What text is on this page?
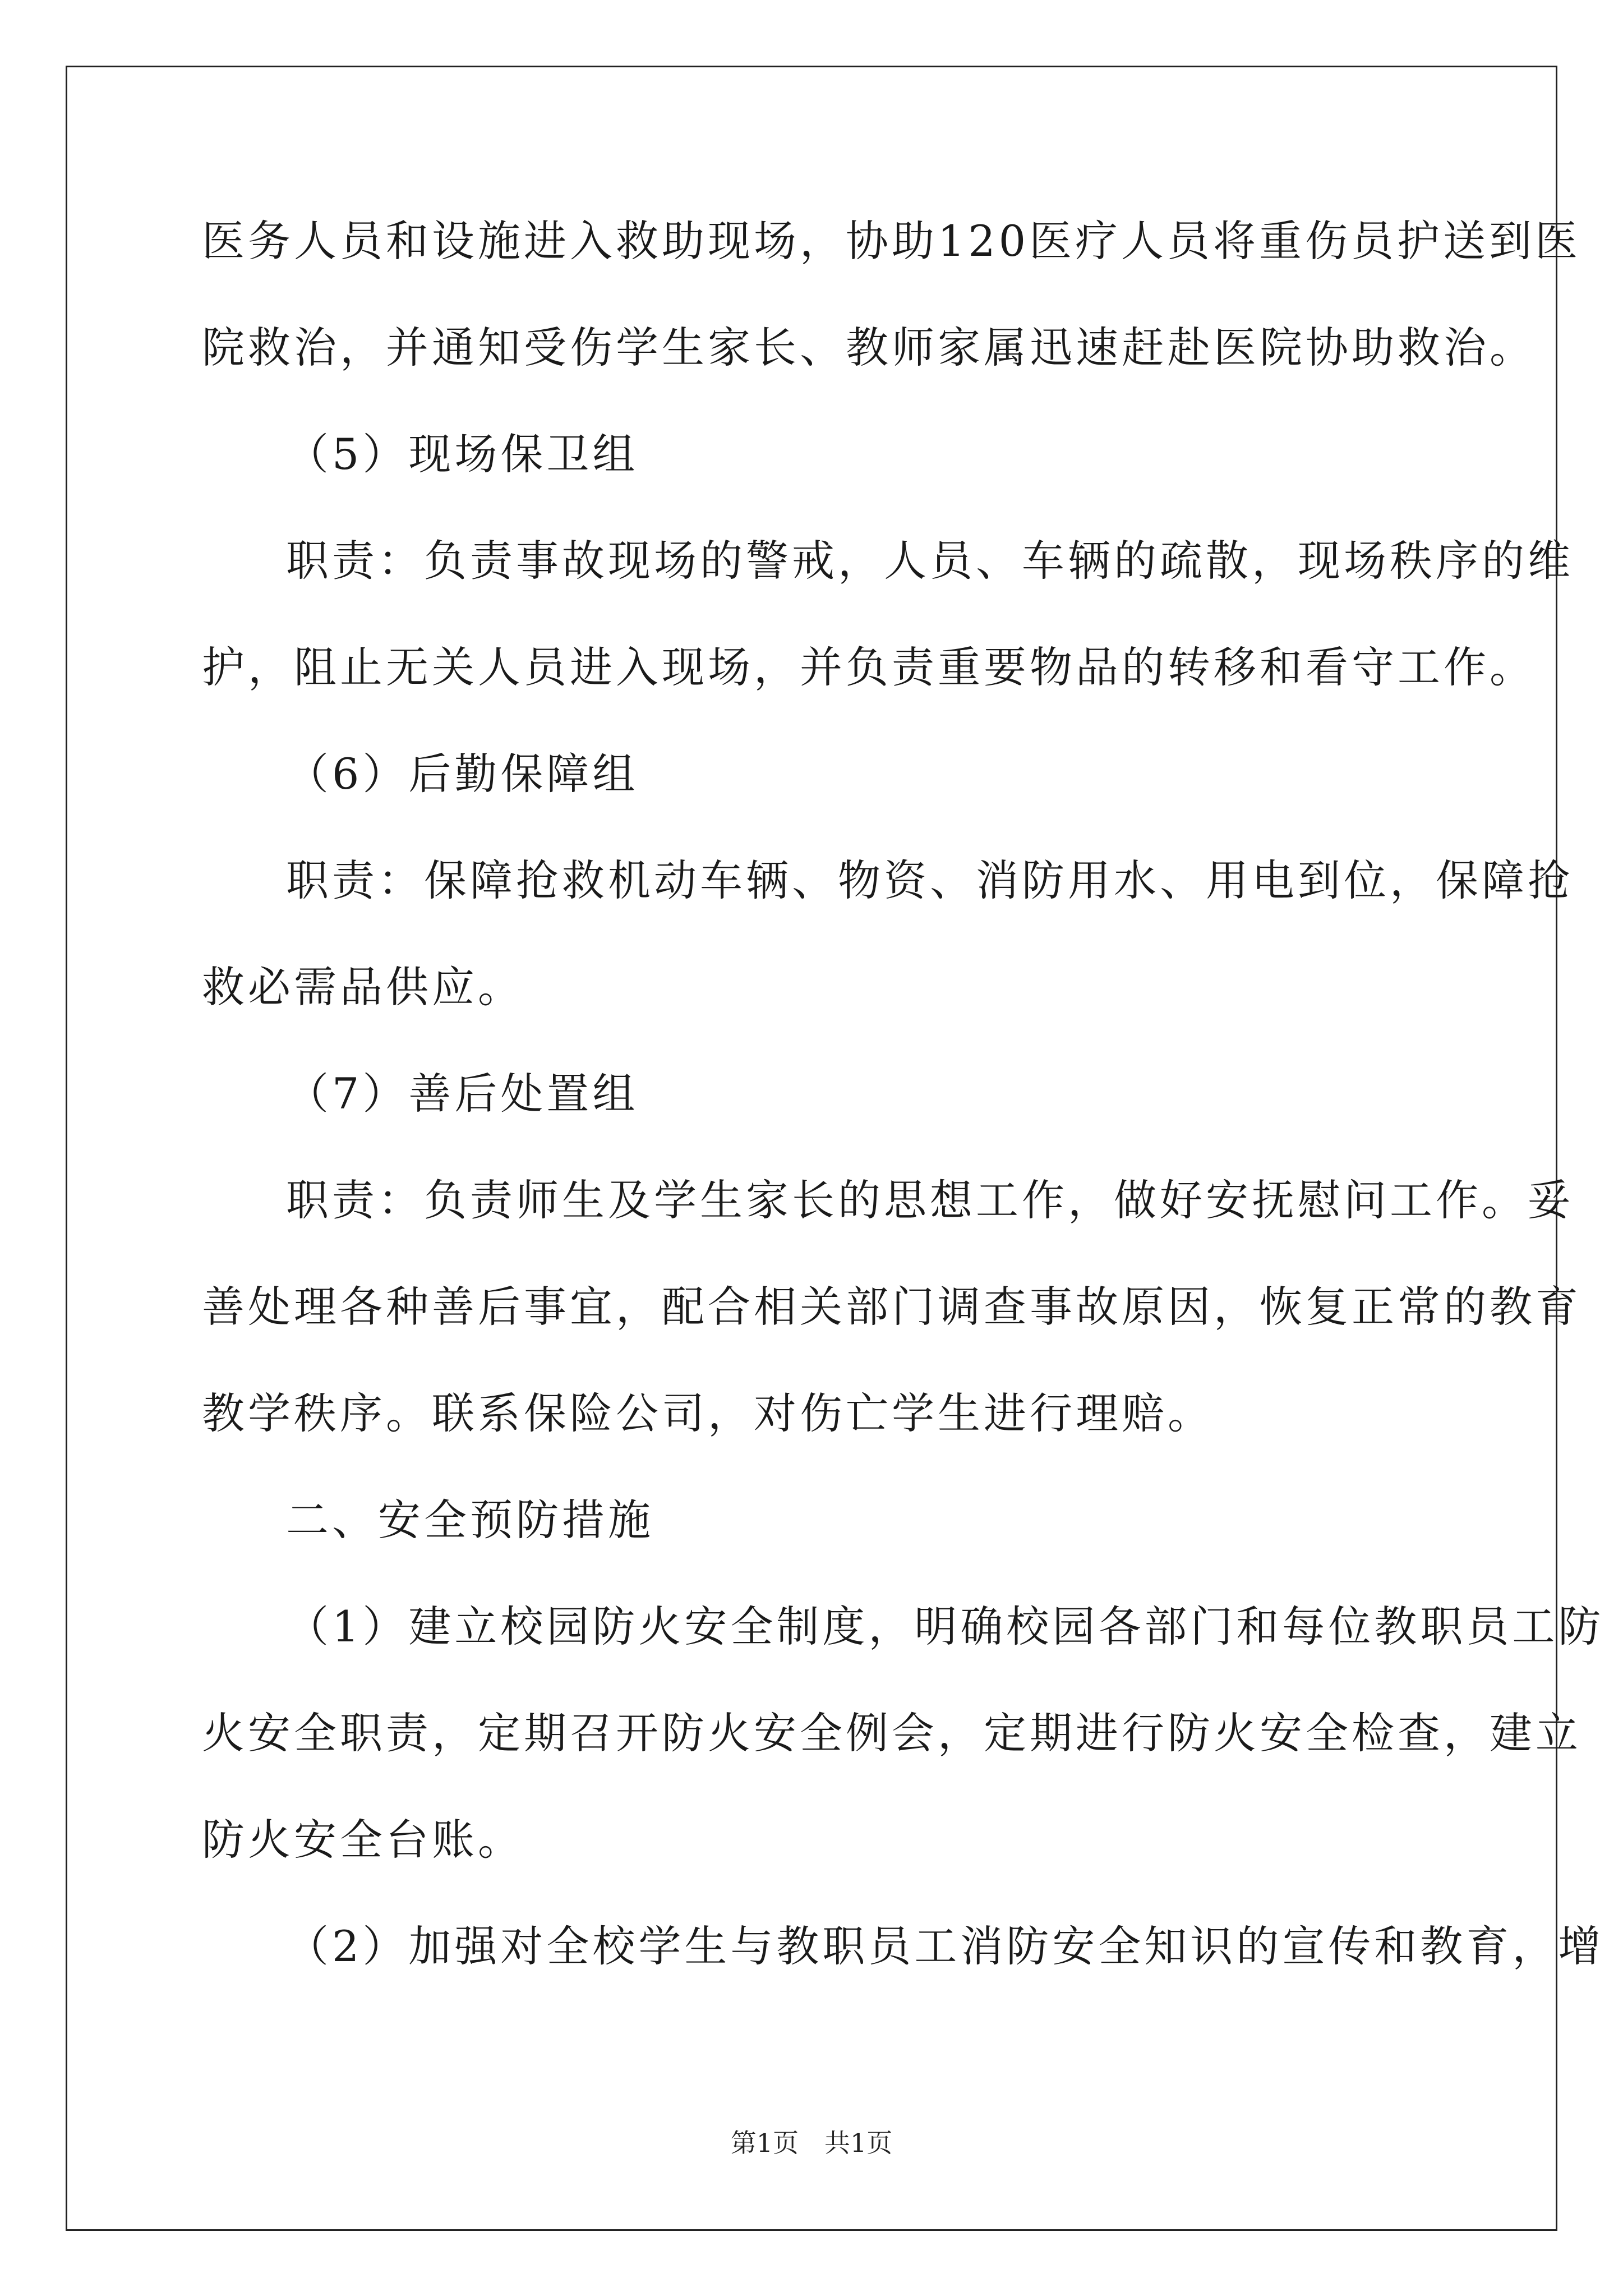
医务人员和设施进入救助现场，协助120医疗人员将重伤员护送到医
院救治，并通知受伤学生家长、教师家属迅速赶赴医院协助救治。
（5）现场保卫组
职责：负责事故现场的警戒，人员、车辆的疏散，现场秩序的维
护，阻止无关人员进入现场，并负责重要物品的转移和看守工作。
（6）后勤保障组
职责：保障抢救机动车辆、物资、消防用水、用电到位，保障抢
救必需品供应。
（7）善后处置组
职责：负责师生及学生家长的思想工作，做好安抚慰问工作。妥
善处理各种善后事宜，配合相关部门调查事故原因，恢复正常的教育
教学秩序。联系保险公司，对伤亡学生进行理赔。
二、安全预防措施
（1）建立校园防火安全制度，明确校园各部门和每位教职员工防
火安全职责，定期召开防火安全例会，定期进行防火安全检查，建立
防火安全台账。
（2）加强对全校学生与教职员工消防安全知识的宣传和教育，增
第1页　共1页
